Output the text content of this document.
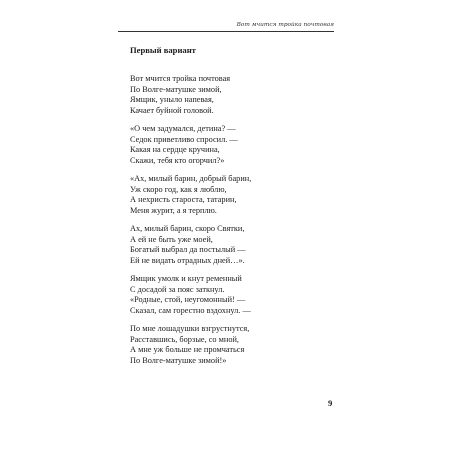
Вот мчится тройка почтовая
Первый вариант
Вот мчится тройка почтовая
По Волге-матушке зимой,
Ямщик, уныло напевая,
Качает буйной головой.
«О чем задумался, детина? —
Седок приветливо спросил. —
Какая на сердце кручина,
Скажи, тебя кто огорчил?»
«Ах, милый барин, добрый барин,
Уж скоро год, как я люблю,
А нехристь староста, татарин,
Меня журит, а я терплю.
Ах, милый барин, скоро Святки,
А ей не быть уже моей,
Богатый выбрал да постылый —
Ей не видать отрадных дней…».
Ямщик умолк и кнут ременный
С досадой за пояс заткнул.
«Родные, стой, неугомонный! —
Сказал, сам горестно вздохнул. —
По мне лошадушки взгрустнутся,
Расставшись, борзые, со мной,
А мне уж больше не промчаться
По Волге-матушке зимой!»
9
